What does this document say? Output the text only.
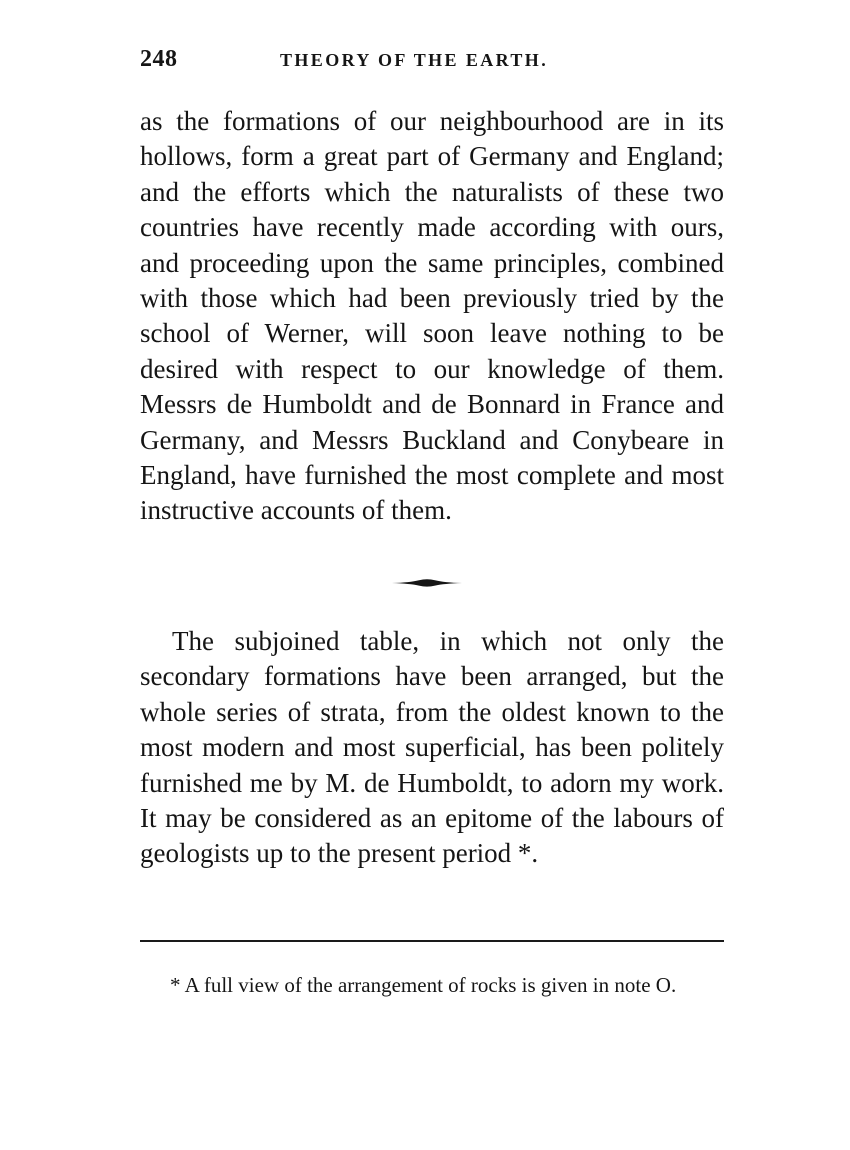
248	THEORY OF THE EARTH.

as the formations of our neighbourhood are in its hollows, form a great part of Germany and England; and the efforts which the naturalists of these two countries have recently made according with ours, and proceeding upon the same principles, combined with those which had been previously tried by the school of Werner, will soon leave nothing to be desired with respect to our knowledge of them. Messrs de Humboldt and de Bonnard in France and Germany, and Messrs Buckland and Conybeare in England, have furnished the most complete and most instructive accounts of them.

The subjoined table, in which not only the secondary formations have been arranged, but the whole series of strata, from the oldest known to the most modern and most superficial, has been politely furnished me by M. de Humboldt, to adorn my work. It may be considered as an epitome of the labours of geologists up to the present period *.

* A full view of the arrangement of rocks is given in note O.
